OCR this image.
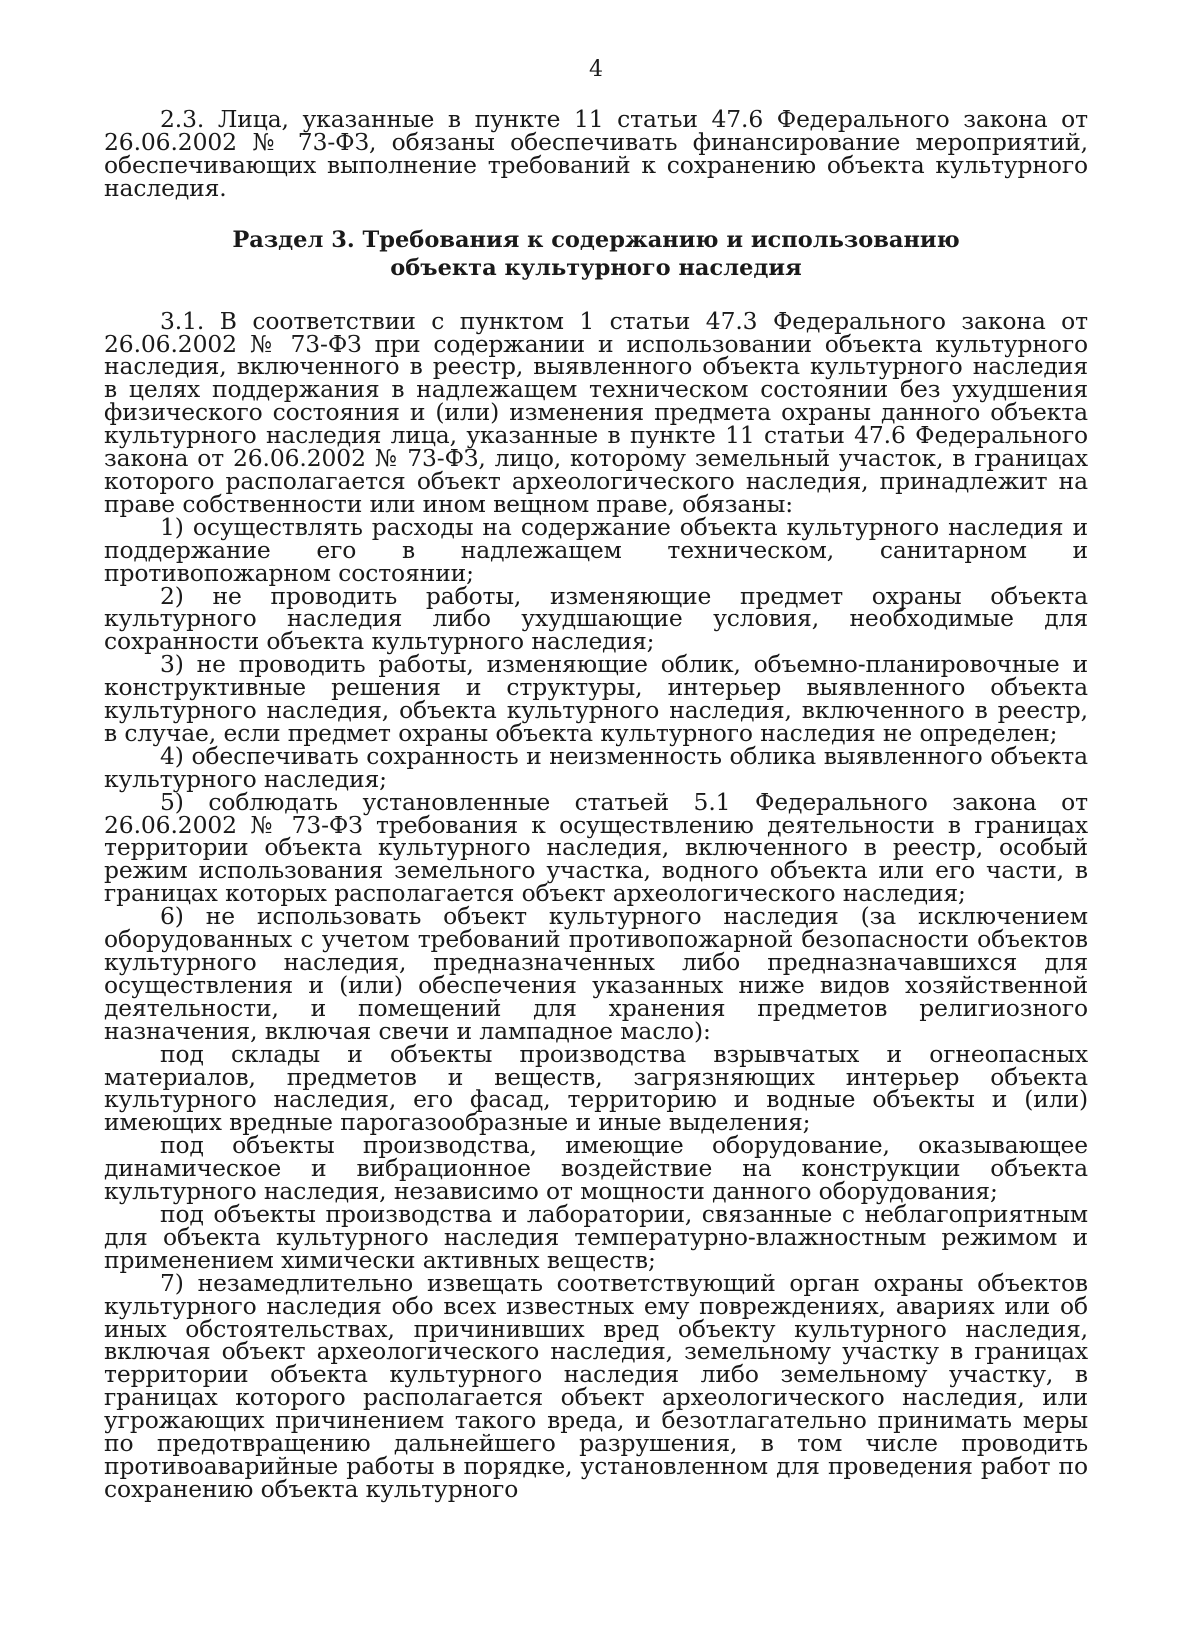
4

2.3. Лица, указанные в пункте 11 статьи 47.6 Федерального закона от 26.06.2002 № 73-ФЗ, обязаны обеспечивать финансирование мероприятий, обеспечивающих выполнение требований к сохранению объекта культурного наследия.

Раздел 3. Требования к содержанию и использованию
объекта культурного наследия

3.1. В соответствии с пунктом 1 статьи 47.3 Федерального закона от 26.06.2002 № 73-ФЗ при содержании и использовании объекта культурного наследия, включенного в реестр, выявленного объекта культурного наследия в целях поддержания в надлежащем техническом состоянии без ухудшения физического состояния и (или) изменения предмета охраны данного объекта культурного наследия лица, указанные в пункте 11 статьи 47.6 Федерального закона от 26.06.2002 № 73-ФЗ, лицо, которому земельный участок, в границах которого располагается объект археологического наследия, принадлежит на праве собственности или ином вещном праве, обязаны:

1) осуществлять расходы на содержание объекта культурного наследия и поддержание его в надлежащем техническом, санитарном и противопожарном состоянии;

2) не проводить работы, изменяющие предмет охраны объекта культурного наследия либо ухудшающие условия, необходимые для сохранности объекта культурного наследия;

3) не проводить работы, изменяющие облик, объемно-планировочные и конструктивные решения и структуры, интерьер выявленного объекта культурного наследия, объекта культурного наследия, включенного в реестр, в случае, если предмет охраны объекта культурного наследия не определен;

4) обеспечивать сохранность и неизменность облика выявленного объекта культурного наследия;

5) соблюдать установленные статьей 5.1 Федерального закона от 26.06.2002 № 73-ФЗ требования к осуществлению деятельности в границах территории объекта культурного наследия, включенного в реестр, особый режим использования земельного участка, водного объекта или его части, в границах которых располагается объект археологического наследия;

6) не использовать объект культурного наследия (за исключением оборудованных с учетом требований противопожарной безопасности объектов культурного наследия, предназначенных либо предназначавшихся для осуществления и (или) обеспечения указанных ниже видов хозяйственной деятельности, и помещений для хранения предметов религиозного назначения, включая свечи и лампадное масло):

под склады и объекты производства взрывчатых и огнеопасных материалов, предметов и веществ, загрязняющих интерьер объекта культурного наследия, его фасад, территорию и водные объекты и (или) имеющих вредные парогазообразные и иные выделения;

под объекты производства, имеющие оборудование, оказывающее динамическое и вибрационное воздействие на конструкции объекта культурного наследия, независимо от мощности данного оборудования;

под объекты производства и лаборатории, связанные с неблагоприятным для объекта культурного наследия температурно-влажностным режимом и применением химически активных веществ;

7) незамедлительно извещать соответствующий орган охраны объектов культурного наследия обо всех известных ему повреждениях, авариях или об иных обстоятельствах, причинивших вред объекту культурного наследия, включая объект археологического наследия, земельному участку в границах территории объекта культурного наследия либо земельному участку, в границах которого располагается объект археологического наследия, или угрожающих причинением такого вреда, и безотлагательно принимать меры по предотвращению дальнейшего разрушения, в том числе проводить противоаварийные работы в порядке, установленном для проведения работ по сохранению объекта культурного
